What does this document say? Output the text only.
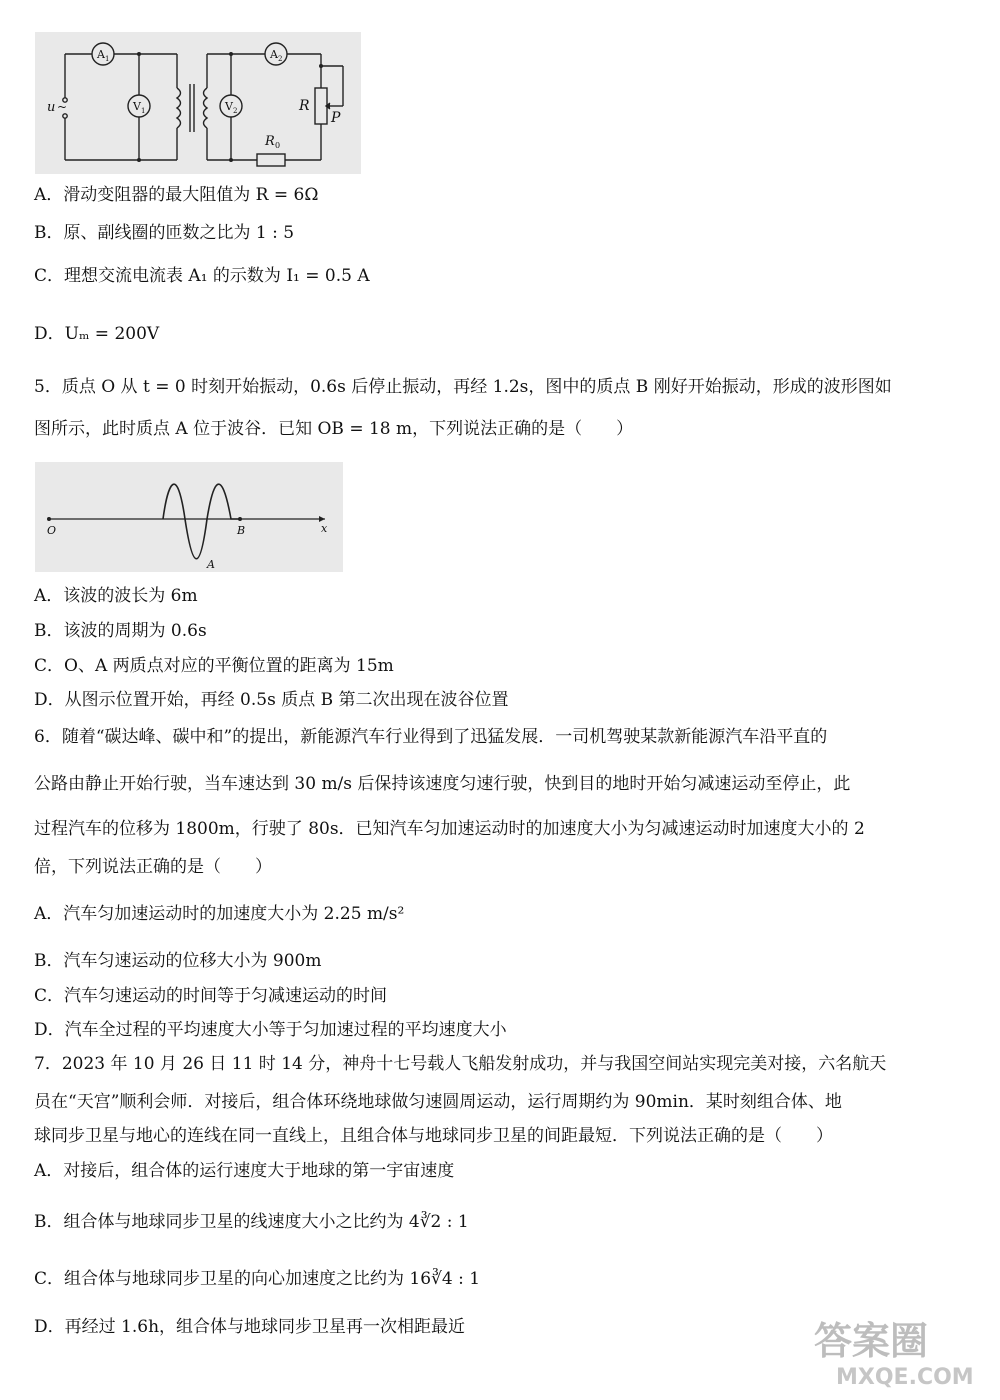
A 1	A 2
V 1	V 2
u ~	R
P
R 0
A．滑动变阻器的最大阻值为 R = 6Ω
B．原、副线圈的匝数之比为 1 : 5
C．理想交流电流表 A₁ 的示数为 I₁ = 0.5 A
D．Uₘ = 200V
5．质点 O 从 t = 0 时刻开始振动，0.6s 后停止振动，再经 1.2s，图中的质点 B 刚好开始振动，形成的波形图如
图所示，此时质点 A 位于波谷．已知 OB = 18 m，下列说法正确的是（　　）
O	B
A
x
A．该波的波长为 6m
B．该波的周期为 0.6s
C．O、A 两质点对应的平衡位置的距离为 15m
D．从图示位置开始，再经 0.5s 质点 B 第二次出现在波谷位置
6．随着“碳达峰、碳中和”的提出，新能源汽车行业得到了迅猛发展．一司机驾驶某款新能源汽车沿平直的
公路由静止开始行驶，当车速达到 30 m/s 后保持该速度匀速行驶，快到目的地时开始匀减速运动至停止，此
过程汽车的位移为 1800m，行驶了 80s．已知汽车匀加速运动时的加速度大小为匀减速运动时加速度大小的 2
倍，下列说法正确的是（　　）
A．汽车匀加速运动时的加速度大小为 2.25 m/s²
B．汽车匀速运动的位移大小为 900m
C．汽车匀速运动的时间等于匀减速运动的时间
D．汽车全过程的平均速度大小等于匀加速过程的平均速度大小
7．2023 年 10 月 26 日 11 时 14 分，神舟十七号载人飞船发射成功，并与我国空间站实现完美对接，六名航天
员在“天宫”顺利会师．对接后，组合体环绕地球做匀速圆周运动，运行周期约为 90min．某时刻组合体、地
球同步卫星与地心的连线在同一直线上，且组合体与地球同步卫星的间距最短．下列说法正确的是（　　）
A．对接后，组合体的运行速度大于地球的第一宇宙速度
B．组合体与地球同步卫星的线速度大小之比约为 4∛2 : 1
C．组合体与地球同步卫星的向心加速度之比约为 16∛4 : 1
D．再经过 1.6h，组合体与地球同步卫星再一次相距最近	答案圈
MXQE.COM
